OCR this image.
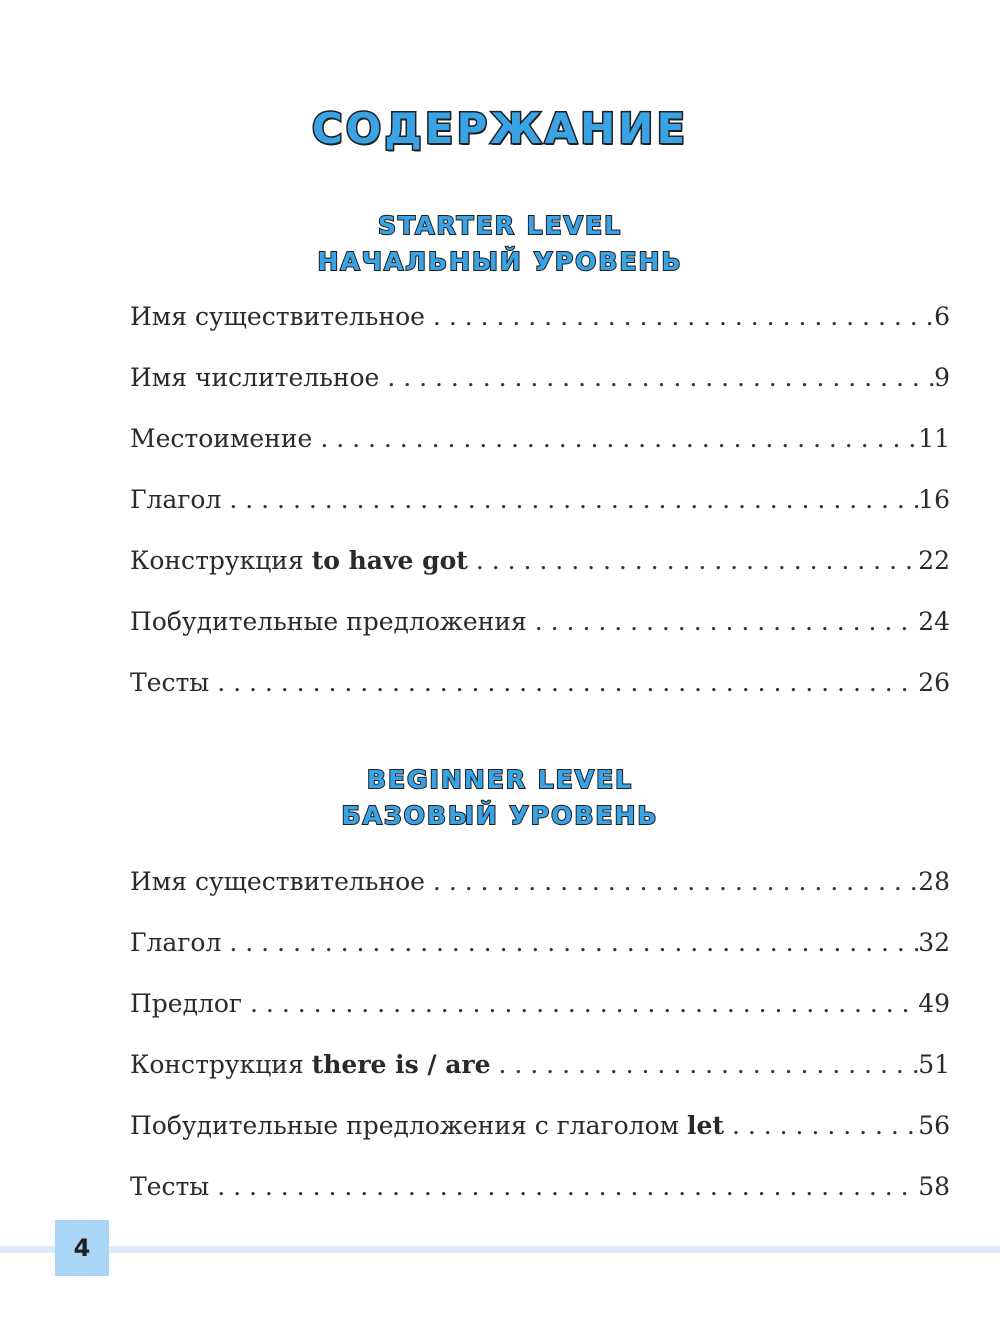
СОДЕРЖАНИЕ
STARTER LEVEL
НАЧАЛЬНЫЙ УРОВЕНЬ
Имя существительное . . .	6
Имя числительное . . .	9
Местоимение . . .	11
Глагол . . .	16
Конструкция to have got . . .	22
Побудительные предложения . . .	24
Тесты . . .	26
BEGINNER LEVEL
БАЗОВЫЙ УРОВЕНЬ
Имя существительное . . .	28
Глагол . . .	32
Предлог . . .	49
Конструкция there is / are . . .	51
Побудительные предложения с глаголом let . . .	56
Тесты . . .	58
4
